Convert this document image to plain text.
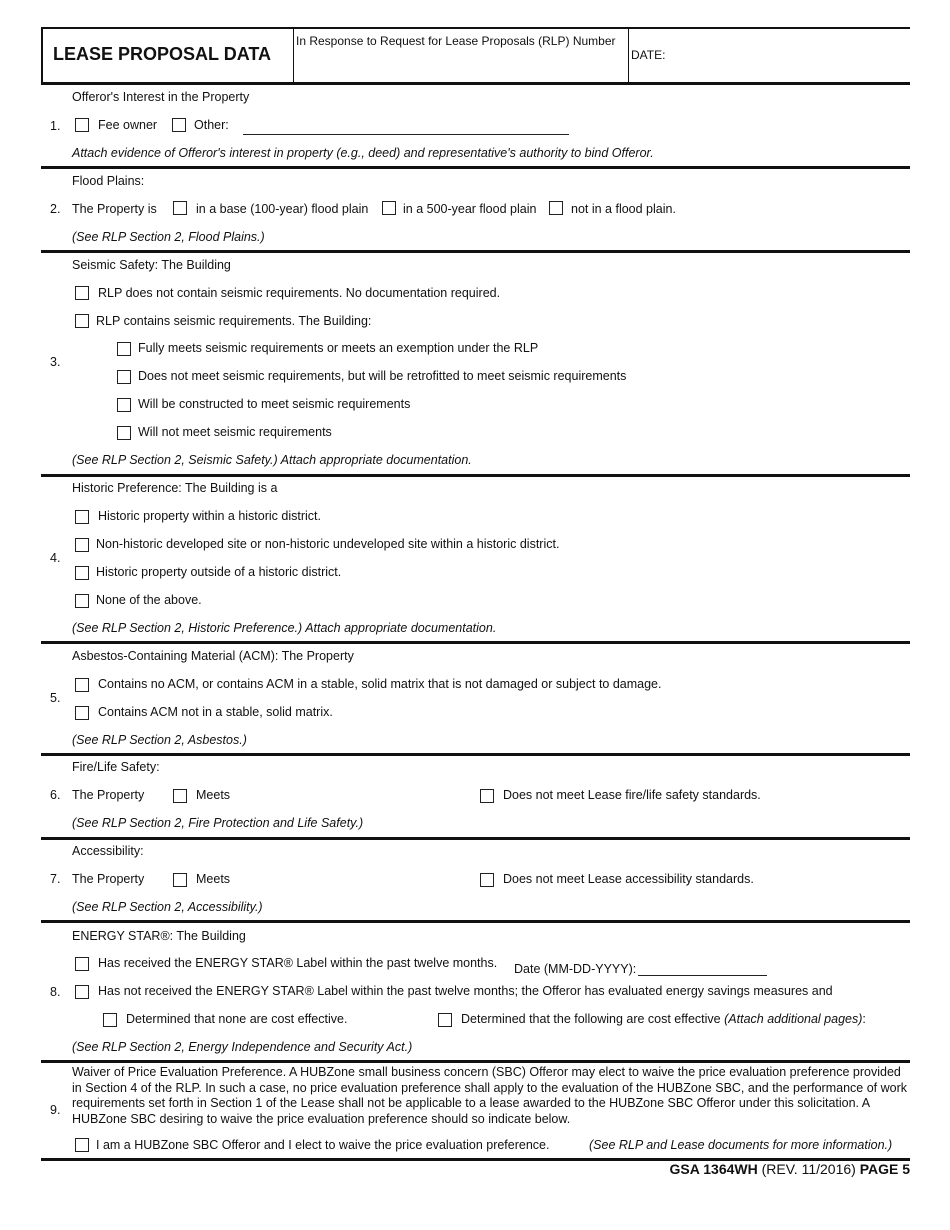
LEASE PROPOSAL DATA
In Response to Request for Lease Proposals (RLP) Number
DATE:
Offeror's Interest in the Property
1.	Fee owner	Other:
Attach evidence of Offeror's interest in property (e.g., deed) and representative's authority to bind Offeror.
Flood Plains:
2. The Property is	in a base (100-year) flood plain	in a 500-year flood plain	not in a flood plain.
(See RLP Section 2, Flood Plains.)
Seismic Safety: The Building
RLP does not contain seismic requirements. No documentation required.
RLP contains seismic requirements. The Building:
Fully meets seismic requirements or meets an exemption under the RLP
3.
Does not meet seismic requirements, but will be retrofitted to meet seismic requirements
Will be constructed to meet seismic requirements
Will not meet seismic requirements
(See RLP Section 2, Seismic Safety.) Attach appropriate documentation.
Historic Preference: The Building is a
Historic property within a historic district.
Non-historic developed site or non-historic undeveloped site within a historic district.
4.
Historic property outside of a historic district.
None of the above.
(See RLP Section 2, Historic Preference.) Attach appropriate documentation.
Asbestos-Containing Material (ACM): The Property
Contains no ACM, or contains ACM in a stable, solid matrix that is not damaged or subject to damage.
5.
Contains ACM not in a stable, solid matrix.
(See RLP Section 2, Asbestos.)
Fire/Life Safety:
6. The Property	Meets	Does not meet Lease fire/life safety standards.
(See RLP Section 2, Fire Protection and Life Safety.)
Accessibility:
7. The Property	Meets	Does not meet Lease accessibility standards.
(See RLP Section 2, Accessibility.)
ENERGY STAR®: The Building
Has received the ENERGY STAR® Label within the past twelve months. Date (MM-DD-YYYY):
8.	Has not received the ENERGY STAR® Label within the past twelve months; the Offeror has evaluated energy savings measures and
Determined that none are cost effective.	Determined that the following are cost effective (Attach additional pages):
(See RLP Section 2, Energy Independence and Security Act.)
Waiver of Price Evaluation Preference. A HUBZone small business concern (SBC) Offeror may elect to waive the price evaluation preference provided in Section 4 of the RLP. In such a case, no price evaluation preference shall apply to the evaluation of the HUBZone SBC, and the performance of work requirements set forth in Section 1 of the Lease shall not be applicable to a lease awarded to the HUBZone SBC Offeror under this solicitation. A HUBZone SBC desiring to waive the price evaluation preference should so indicate below.
9.
I am a HUBZone SBC Offeror and I elect to waive the price evaluation preference.	(See RLP and Lease documents for more information.)
GSA 1364WH (REV. 11/2016) PAGE 5
